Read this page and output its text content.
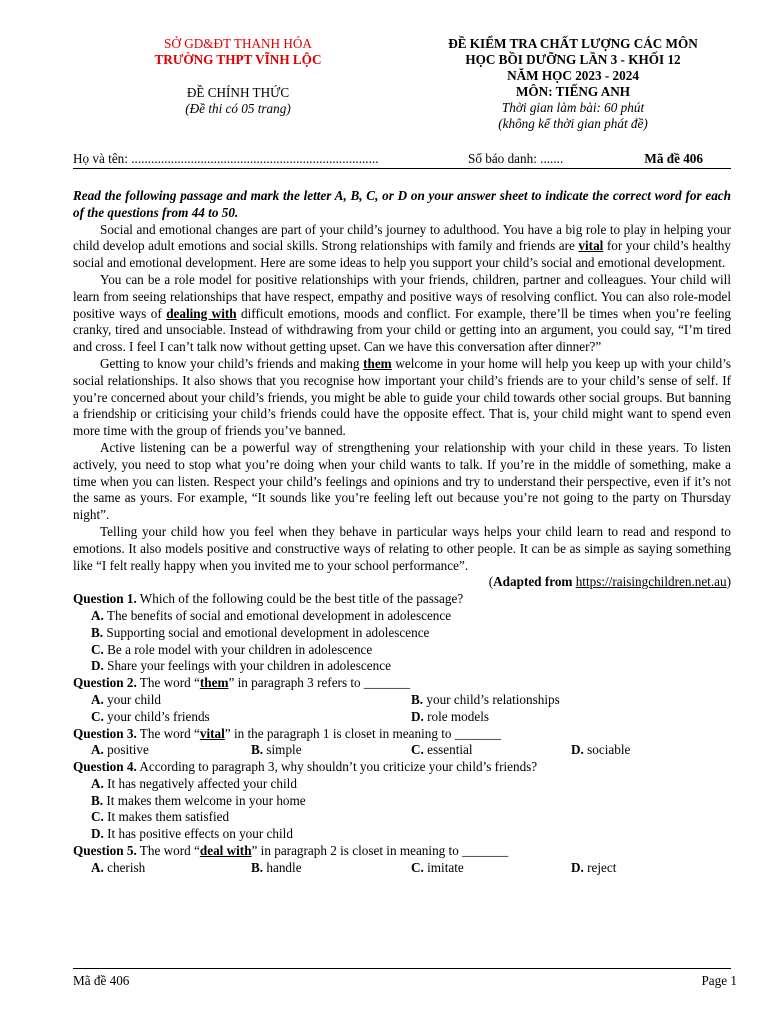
SỞ GD&ĐT THANH HÓA
TRƯỜNG THPT VĨNH LỘC
ĐỀ CHÍNH THỨC
(Đề thi có 05 trang)
ĐỀ KIỂM TRA CHẤT LƯỢNG CÁC MÔN
HỌC BỒI DƯỠNG LẦN 3 - KHỐI 12
NĂM HỌC 2023 - 2024
MÔN: TIẾNG ANH
Thời gian làm bài: 60 phút
(không kể thời gian phát đề)
Họ và tên: ...........................................................................	Số báo danh: .......	Mã đề 406

Read the following passage and mark the letter A, B, C, or D on your answer sheet to indicate the correct word for each of the questions from 44 to 50.

Social and emotional changes are part of your child’s journey to adulthood. You have a big role to play in helping your child develop adult emotions and social skills. Strong relationships with family and friends are vital for your child’s healthy social and emotional development. Here are some ideas to help you support your child’s social and emotional development.

You can be a role model for positive relationships with your friends, children, partner and colleagues. Your child will learn from seeing relationships that have respect, empathy and positive ways of resolving conflict. You can also role-model positive ways of dealing with difficult emotions, moods and conflict. For example, there’ll be times when you’re feeling cranky, tired and unsociable. Instead of withdrawing from your child or getting into an argument, you could say, “I’m tired and cross. I feel I can’t talk now without getting upset. Can we have this conversation after dinner?”

Getting to know your child’s friends and making them welcome in your home will help you keep up with your child’s social relationships. It also shows that you recognise how important your child’s friends are to your child’s sense of self. If you’re concerned about your child’s friends, you might be able to guide your child towards other social groups. But banning a friendship or criticising your child’s friends could have the opposite effect. That is, your child might want to spend even more time with the group of friends you’ve banned.

Active listening can be a powerful way of strengthening your relationship with your child in these years. To listen actively, you need to stop what you’re doing when your child wants to talk. If you’re in the middle of something, make a time when you can listen. Respect your child’s feelings and opinions and try to understand their perspective, even if it’s not the same as yours. For example, “It sounds like you’re feeling left out because you’re not going to the party on Thursday night”.

Telling your child how you feel when they behave in particular ways helps your child learn to read and respond to emotions. It also models positive and constructive ways of relating to other people. It can be as simple as saying something like “I felt really happy when you invited me to your school performance”.

(Adapted from https://raisingchildren.net.au)

Question 1. Which of the following could be the best title of the passage?
A. The benefits of social and emotional development in adolescence
B. Supporting social and emotional development in adolescence
C. Be a role model with your children in adolescence
D. Share your feelings with your children in adolescence
Question 2. The word “them” in paragraph 3 refers to _______
A. your child	B. your child’s relationships
C. your child’s friends	D. role models
Question 3. The word “vital” in the paragraph 1 is closet in meaning to _______
A. positive	B. simple	C. essential	D. sociable
Question 4. According to paragraph 3, why shouldn’t you criticize your child’s friends?
A. It has negatively affected your child
B. It makes them welcome in your home
C. It makes them satisfied
D. It has positive effects on your child
Question 5. The word “deal with” in paragraph 2 is closet in meaning to _______
A. cherish	B. handle	C. imitate	D. reject
Mã đề 406	Page 1
